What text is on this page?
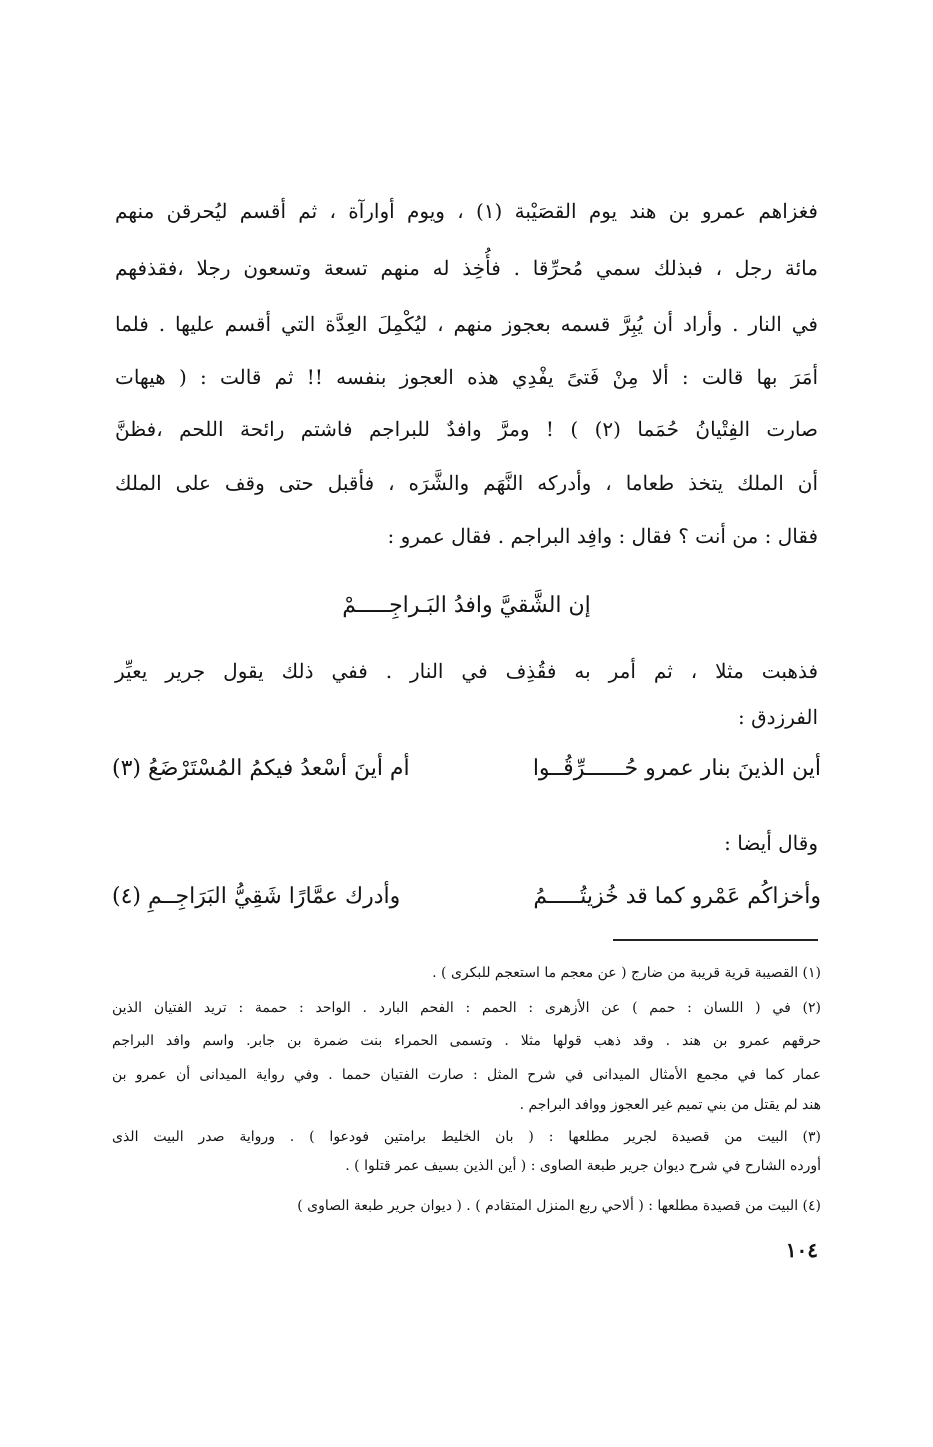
فغزاهم عمرو بن هند يوم القصَيْبة (١) ، ويوم أوارآة ، ثم أقسم ليُحرقن منهم
مائة رجل ، فبذلك سمي مُحرِّقا . فأُخِذ له منهم تسعة وتسعون رجلا ،فقذفهم
في النار . وأراد أن يُبِرَّ قسمه بعجوز منهم ، ليُكْمِلَ العِدَّة التي أقسم عليها . فلما
أمَرَ بها قالت : ألا مِنْ فَتىً يفْدِي هذه العجوز بنفسه !! ثم قالت : ( هيهات
صارت الفِتْيانُ حُمَما (٢) ) ! ومرَّ وافدٌ للبراجم فاشتم رائحة اللحم ،فظنَّ
أن الملك يتخذ طعاما ، وأدركه النَّهَم والشَّرَه ، فأقبل حتى وقف على الملك
فقال : من أنت ؟ فقال : وافِد البراجم . فقال عمرو :
إن الشَّقيَّ وافدُ البَـراجِـــــمْ
فذهبت مثلا ، ثم أمر به فقُذِف في النار . ففي ذلك يقول جرير يعيِّر
الفرزدق :
أين الذينَ بنار عمرو حُــــــرِّقُــوا
أم أينَ أسْعدُ فيكمُ المُسْتَرْضَعُ (٣)
وقال أيضا :
وأخزاكُم عَمْرو كما قد خُزيتُـــــمُ
وأدرك عمَّارًا شَقِيُّ البَرَاجِــمِ (٤)
(١) القصيبة قرية قريبة من ضارج ( عن معجم ما استعجم للبكرى ) .
(٢) في ( اللسان : حمم ) عن الأزهرى : الحمم : الفحم البارد . الواحد : حممة : تريد الفتيان الذين
حرقهم عمرو بن هند . وقد ذهب قولها مثلا . وتسمى الحمراء بنت ضمرة بن جابر. واسم وافد البراجم
عمار كما في مجمع الأمثال الميدانى في شرح المثل : صارت الفتيان حمما . وفي رواية الميدانى أن عمرو بن
هند لم يقتل من بني تميم غير العجوز ووافد البراجم .
(٣) البيت من قصيدة لجرير مطلعها : ( بان الخليط برامتين فودعوا ) . ورواية صدر البيت الذى
أورده الشارح في شرح ديوان جرير طبعة الصاوى : ( أين الذين بسيف عمر قتلوا ) .
(٤) البيت من قصيدة مطلعها : ( ألاحي ربع المنزل المتقادم ) . ( ديوان جرير طبعة الصاوى )
١٠٤
